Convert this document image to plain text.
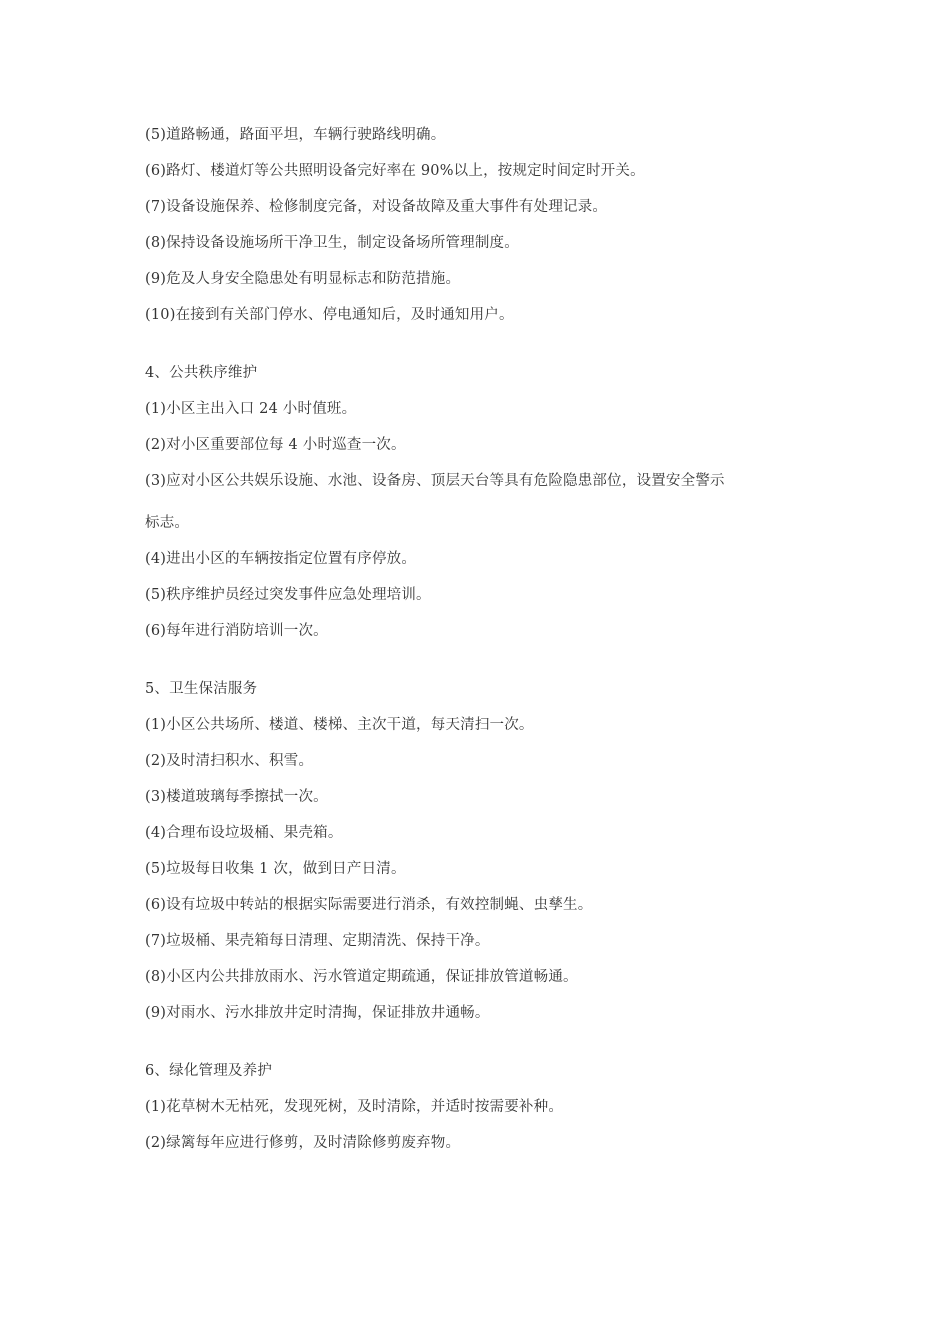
(5)道路畅通，路面平坦，车辆行驶路线明确。
(6)路灯、楼道灯等公共照明设备完好率在 90%以上，按规定时间定时开关。
(7)设备设施保养、检修制度完备，对设备故障及重大事件有处理记录。
(8)保持设备设施场所干净卫生，制定设备场所管理制度。
(9)危及人身安全隐患处有明显标志和防范措施。
(10)在接到有关部门停水、停电通知后，及时通知用户。
4、公共秩序维护
(1)小区主出入口 24 小时值班。
(2)对小区重要部位每 4 小时巡查一次。
(3)应对小区公共娱乐设施、水池、设备房、顶层天台等具有危险隐患部位，设置安全警示
标志。
(4)进出小区的车辆按指定位置有序停放。
(5)秩序维护员经过突发事件应急处理培训。
(6)每年进行消防培训一次。
5、卫生保洁服务
(1)小区公共场所、楼道、楼梯、主次干道，每天清扫一次。
(2)及时清扫积水、积雪。
(3)楼道玻璃每季擦拭一次。
(4)合理布设垃圾桶、果壳箱。
(5)垃圾每日收集 1 次，做到日产日清。
(6)设有垃圾中转站的根据实际需要进行消杀，有效控制蝇、虫孳生。
(7)垃圾桶、果壳箱每日清理、定期清洗、保持干净。
(8)小区内公共排放雨水、污水管道定期疏通，保证排放管道畅通。
(9)对雨水、污水排放井定时清掏，保证排放井通畅。
6、绿化管理及养护
(1)花草树木无枯死，发现死树，及时清除，并适时按需要补种。
(2)绿篱每年应进行修剪，及时清除修剪废弃物。
